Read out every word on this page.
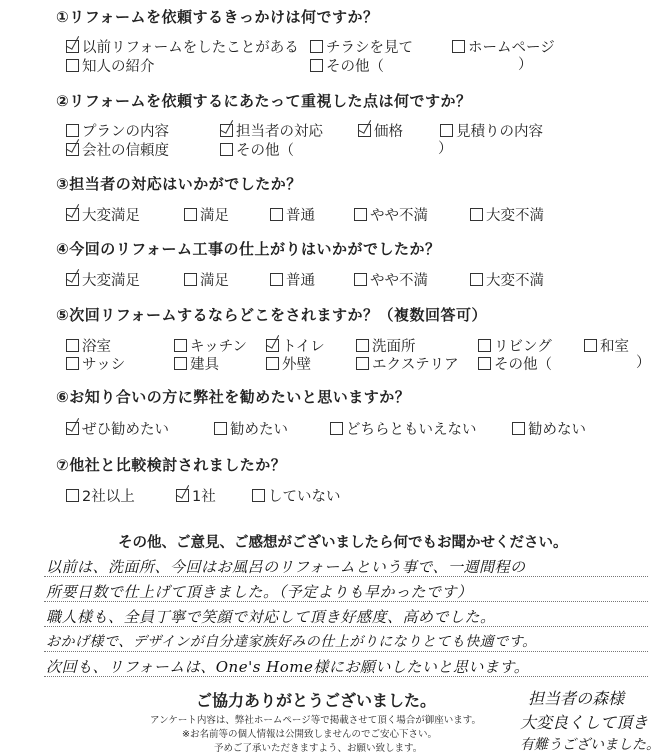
①リフォームを依頼するきっかけは何ですか？
以前リフォームをしたことがある チラシを見て	ホームページ
知人の紹介	その他（	）
②リフォームを依頼するにあたって重視した点は何ですか？
プランの内容	担当者の対応	価格	見積りの内容
会社の信頼度	その他（	）
③担当者の対応はいかがでしたか？
大変満足	満足	普通	やや不満	大変不満
④今回のリフォーム工事の仕上がりはいかがでしたか？
大変満足	満足	普通	やや不満	大変不満
⑤次回リフォームするならどこをされますか？（複数回答可）
浴室	キッチン トイレ	洗面所	リビング	和室
サッシ	建具	外壁	エクステリア その他（	）
⑥お知り合いの方に弊社を勧めたいと思いますか？
ぜひ勧めたい	勧めたい	どちらともいえない	勧めない
⑦他社と比較検討されましたか？
2社以上	1社	していない
その他、ご意見、ご感想がございましたら何でもお聞かせください。
以前は、洗面所、今回はお風呂のリフォームという事で、一週間程の
所要日数で仕上げて頂きました。（予定よりも早かったです）
職人様も、全員丁寧で笑顔で対応して頂き好感度、高めでした。
おかげ様で、デザインが自分達家族好みの仕上がりになりとても快適です。
次回も、リフォームは、One's Home様にお願いしたいと思います。
ご協力ありがとうございました。
アンケート内容は、弊社ホームページ等で掲載させて頂く場合が御座います。
※お名前等の個人情報は公開致しませんのでご安心下さい。
予めご了承いただきますよう、お願い致します。
担当者の森様
大変良くして頂き
有難うございました。
